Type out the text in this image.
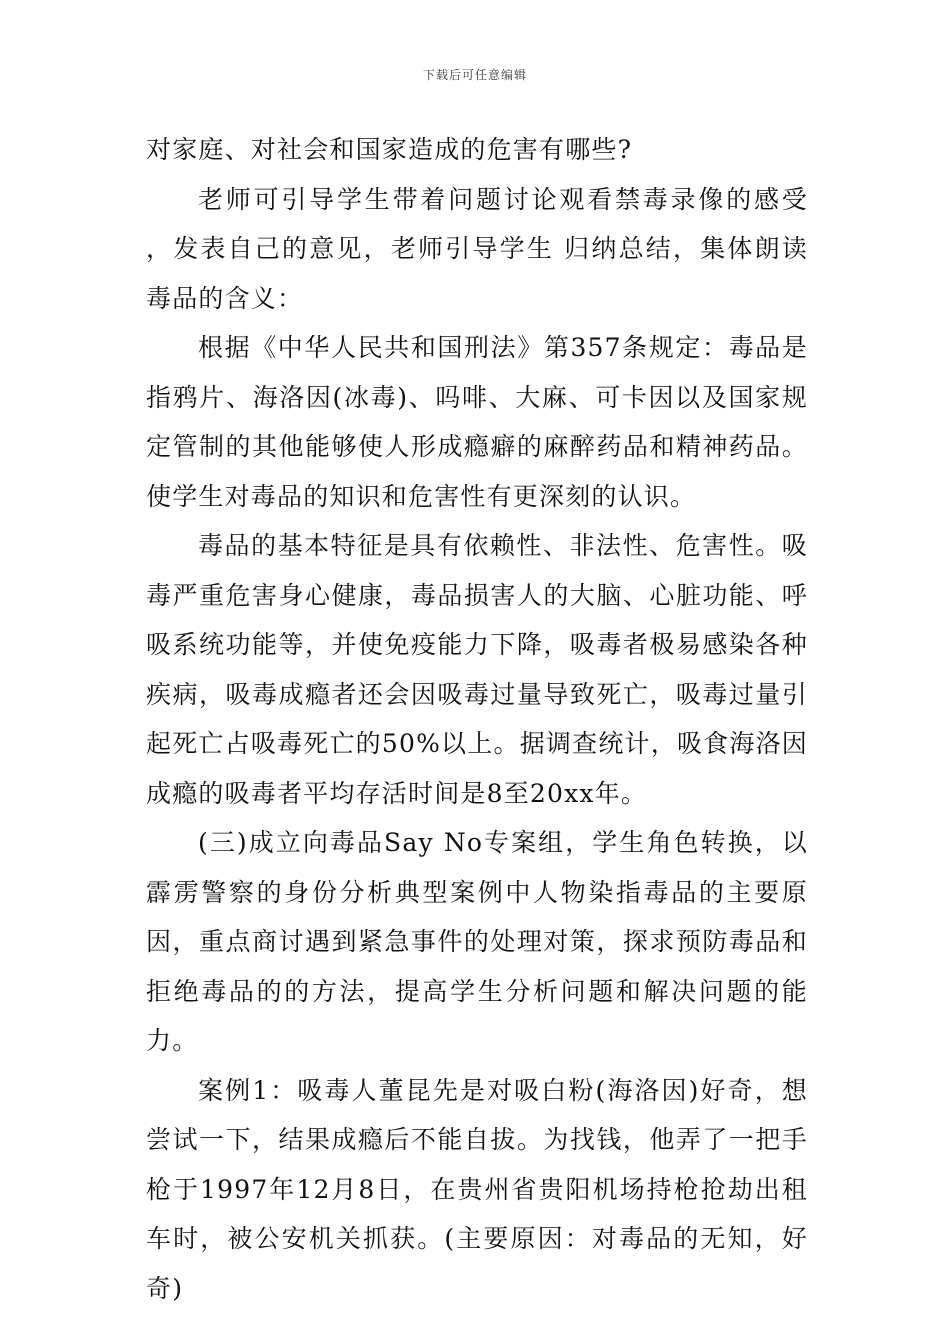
下载后可任意编辑

对家庭、对社会和国家造成的危害有哪些?

老师可引导学生带着问题讨论观看禁毒录像的感受 ，发表自己的意见，老师引导学生 归纳总结，集体朗读毒品的含义：

根据《中华人民共和国刑法》第357条规定：毒品是指鸦片、海洛因(冰毒)、吗啡、大麻、可卡因以及国家规定管制的其他能够使人形成瘾癖的麻醉药品和精神药品。使学生对毒品的知识和危害性有更深刻的认识。

毒品的基本特征是具有依赖性、非法性、危害性。吸毒严重危害身心健康，毒品损害人的大脑、心脏功能、呼吸系统功能等，并使免疫能力下降，吸毒者极易感染各种疾病，吸毒成瘾者还会因吸毒过量导致死亡，吸毒过量引起死亡占吸毒死亡的50%以上。据调查统计，吸食海洛因成瘾的吸毒者平均存活时间是8至20xx年。

(三)成立向毒品Say No专案组，学生角色转换，以霹雳警察的身份分析典型案例中人物染指毒品的主要原因，重点商讨遇到紧急事件的处理对策，探求预防毒品和拒绝毒品的的方法，提高学生分析问题和解决问题的能力。

案例1：吸毒人董昆先是对吸白粉(海洛因)好奇，想尝试一下，结果成瘾后不能自拔。为找钱，他弄了一把手枪于1997年12月8日，在贵州省贵阳机场持枪抢劫出租车时，被公安机关抓获。(主要原因：对毒品的无知，好奇)
